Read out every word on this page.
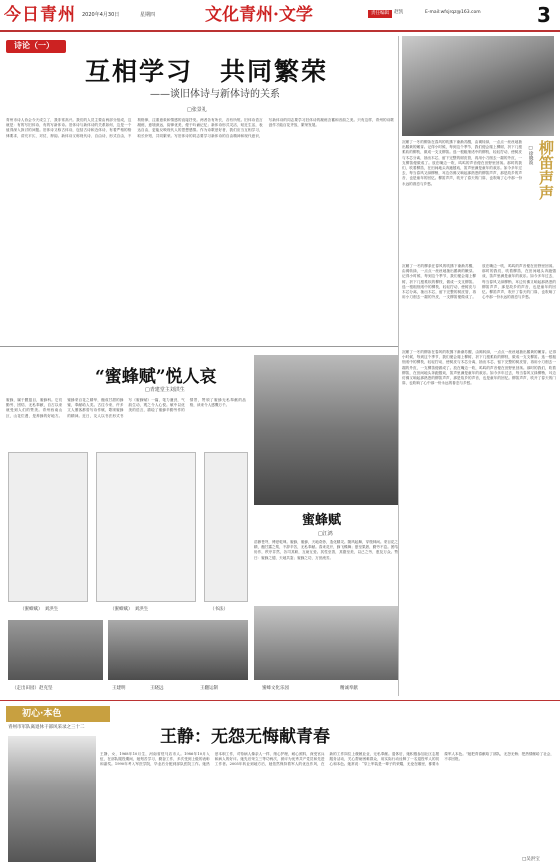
今日青州 2020年4月30日	星期四	文化青州·文学	责任编辑	赵凯	E-mail:wfsjrqz@163.com	3
诗论（一）
互相学习　共同繁荣
——谈旧体诗与新体诗的关系
□张景礼
青州市诗人协会今天成立了，我非常高兴。我们的人员主要由两部分组成，这就是：有的写旧体诗，有的写新体诗。旧体诗与新体诗的关系如何，这是一个值得深入探讨的问题。旧体诗又称古体诗，包括古诗和近体诗，有着严格的格律要求，讲究平仄、对仗、押韵。新体诗又称现代诗、自由诗，形式自由，不拘格律，注重意象和情感的直接抒发。两者各有所长，各有所短。旧体诗语言凝练，意境深远，韵律优美，便于吟诵记忆；新体诗形式灵活，贴近生活，表达自由，更能反映现代人的思想感情。作为诗歌爱好者，我们应当互相学习，取长补短，共同繁荣。写旧体诗的同志要学习新体诗的自由精神和现代意识，写新体诗的同志要学习旧体诗的凝练含蓄和音韵之美。只有这样，青州的诗歌创作才能百花齐放，繁荣发展。
柳笛声声
□徐晓波
沉睡了一冬的柳条在春风的吹拂下渐渐苏醒，由褐转绿，一点点一丝丝地抽出鹅黄的嫩芽。记得小时候，每到这个季节，我们便会爬上柳树，折下几根柔软的柳枝，做成一支支柳笛。选一根粗细适中的柳枝，轻轻拧动，使树皮与木芯分离，抽出木芯，留下完整的树皮管，再用小刀削去一端的外皮，一支柳笛便做成了。放在嘴边一吹，呜呜的声音便在田野里回荡。那时的我们，吹着柳笛，在田间地头奔跑嬉戏，笛声里满是童年的欢乐。如今多年过去，每当春风又绿柳梢，耳边仿佛又响起那熟悉的柳笛声声，那是故乡的声音，也是童年的回忆。柳笛声声，吹开了春天的门扉，也吹响了心中那一份永远的眷恋与乡愁。
沉睡了一冬的柳条在春风的吹拂下渐渐苏醒，由褐转绿，一点点一丝丝地抽出鹅黄的嫩芽。记得小时候，每到这个季节，我们便会爬上柳树，折下几根柔软的柳枝，做成一支支柳笛。选一根粗细适中的柳枝，轻轻拧动，使树皮与木芯分离，抽出木芯，留下完整的树皮管，再用小刀削去一端的外皮，一支柳笛便做成了。放在嘴边一吹，呜呜的声音便在田野里回荡。那时的我们，吹着柳笛，在田间地头奔跑嬉戏，笛声里满是童年的欢乐。如今多年过去，每当春风又绿柳梢，耳边仿佛又响起那熟悉的柳笛声声，那是故乡的声音，也是童年的回忆。柳笛声声，吹开了春天的门扉，也吹响了心中那一份永远的眷恋与乡愁。
“蜜蜂赋”悦人哀
□青建堂主刘洪生
蜜蜂，属于膜翅目，蜜蜂科。它们勤劳、团结、无私奉献，自古以来就受到人们的赞美。青州西南山区，山花烂漫，是养蜂的好地方。蜜蜂采百花之精华，酿成甘甜的蜂蜜，奉献给人类。古往今来，许多文人墨客都曾写诗作赋，歌颂蜜蜂的精神。近日，友人以书法形式书写《蜜蜂赋》一篇，笔力遒劲，气韵生动，观之令人心悦。赋中以优美的语言，描绘了蜜蜂辛勤劳作的情景，赞颂了蜜蜂无私奉献的品格，读来令人感慨万千。
（蜜蜂赋）　刘洪生	（蜜蜂赋）　刘洪生	（书法）
蜜蜂赋
□江鸿
浩渺苍穹，博爱乾坤。蜜蜂，蜜蜂，天地奇妙，造化精灵。随风起舞，穿梭林间。采百花之精，酿甘露之浆，不辞辛苦，无私奉献。春来花开，蜂飞蝶舞；夏至果熟，勤劳不息。团结协作，秩序井然，各司其职，互助互爱。其性至善，其德至美，以己之劳，惠及万众。赞曰：蜜蜂之德，天地共鉴；蜜蜂之功，万世流芳。
（走出田园）赵克坚	王建明	王晓远	王翻运制	蜜蜂文化乐园	精诚奉献
沉睡了一冬的柳条在春风的吹拂下渐渐苏醒，由褐转绿，一点点一丝丝地抽出鹅黄的嫩芽。记得小时候，每到这个季节，我们便会爬上柳树，折下几根柔软的柳枝，做成一支支柳笛。选一根粗细适中的柳枝，轻轻拧动，使树皮与木芯分离，抽出木芯，留下完整的树皮管，再用小刀削去一端的外皮，一支柳笛便做成了。放在嘴边一吹，呜呜的声音便在田野里回荡。那时的我们，吹着柳笛，在田间地头奔跑嬉戏，笛声里满是童年的欢乐。如今多年过去，每当春风又绿柳梢，耳边仿佛又响起那熟悉的柳笛声声，那是故乡的声音，也是童年的回忆。柳笛声声，吹开了春天的门扉，也吹响了心中那一份永远的眷恋与乡愁。
初心·本色
青州市军队离退休干部风采录之三十二	王静：无怨无悔献青春
王静，女，1968年10月生，河南省驻马店市人。1986年10月入伍，在部队服役期间，她刻苦学习，勤奋工作，多次受到上级的表彰和嘉奖。1990年考入军医学院，毕业后分配到部队医院工作。她热爱本职工作，对待病人像亲人一样，细心护理，耐心照料，深受官兵和病人的好评。她先后荣立三等功两次，被评为优秀共产党员和先进工作者。2005年转业到地方后，她依然保持着军人的优良作风，在新的工作岗位上兢兢业业，无私奉献。退休后，她积极参加社区志愿服务活动，关心帮助困难群众，用实际行动诠释了一名退役军人的初心和本色。她常说：“穿上军装是一辈子的荣耀，无论在哪里，都要永葆军人本色。”她把青春献给了部队，无怨无悔；把热情献给了社会，不求回报。
□吴洪宝
